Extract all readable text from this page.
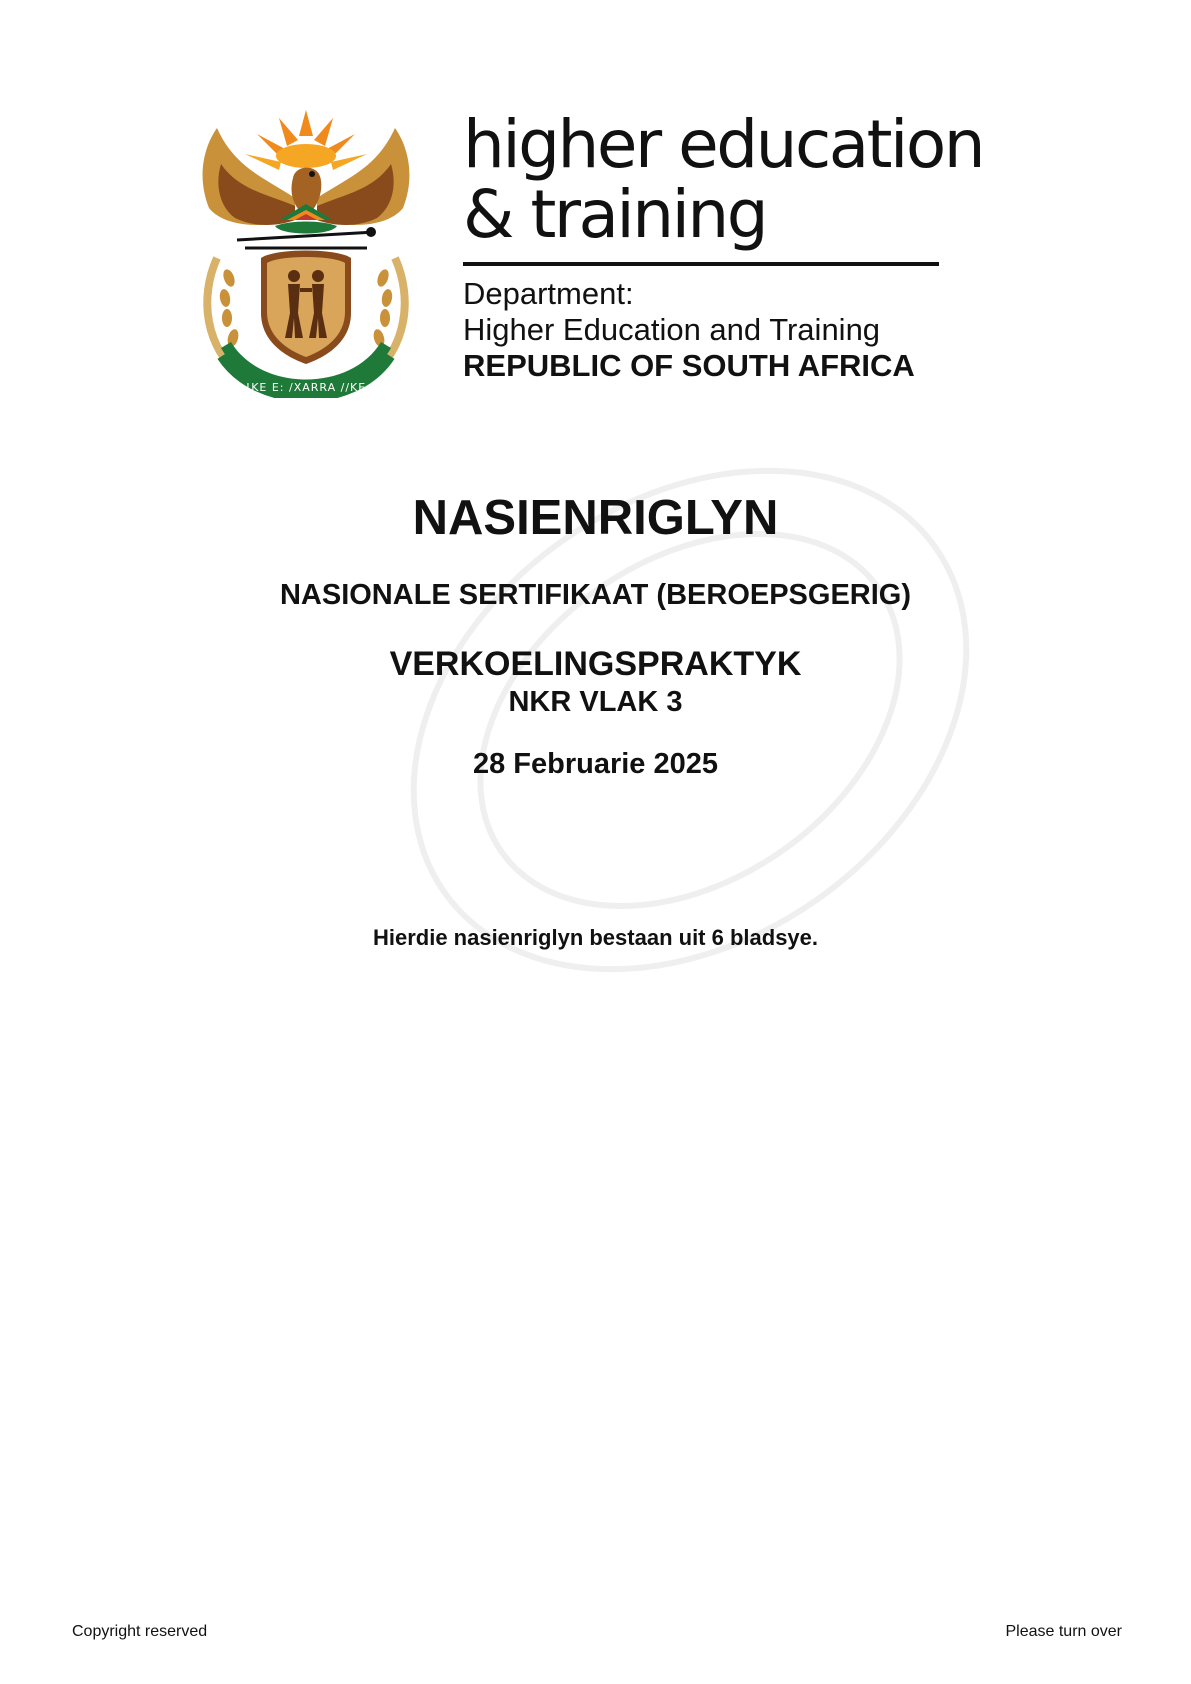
!KE E: /XARRA //KE
higher education
& training
Department:
Higher Education and Training
REPUBLIC OF SOUTH AFRICA
NASIENRIGLYN
NASIONALE SERTIFIKAAT (BEROEPSGERIG)
VERKOELINGSPRAKTYK
NKR VLAK 3
28 Februarie 2025
Hierdie nasienriglyn bestaan uit 6 bladsye.
Copyright reserved	Please turn over
